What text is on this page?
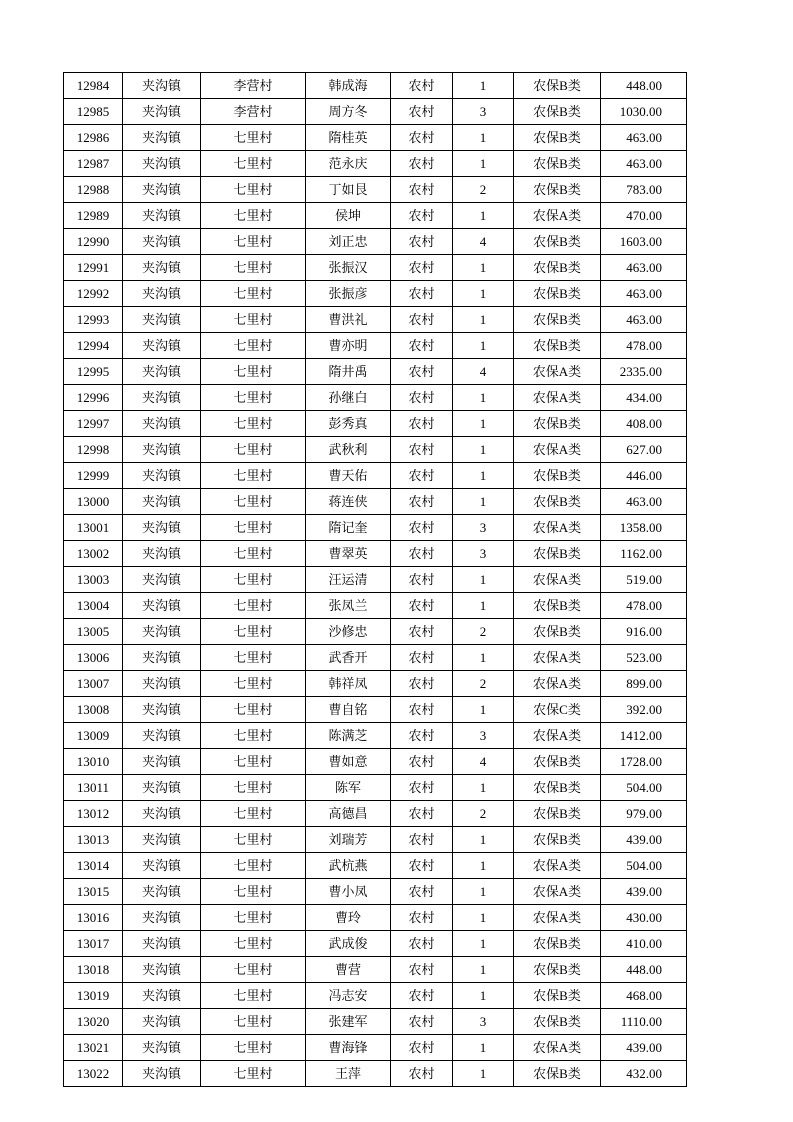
12984	夹沟镇	李营村	韩成海	农村	1	农保B类	448.00
12985	夹沟镇	李营村	周方冬	农村	3	农保B类	1030.00
12986	夹沟镇	七里村	隋桂英	农村	1	农保B类	463.00
12987	夹沟镇	七里村	范永庆	农村	1	农保B类	463.00
12988	夹沟镇	七里村	丁如艮	农村	2	农保B类	783.00
12989	夹沟镇	七里村	侯坤	农村	1	农保A类	470.00
12990	夹沟镇	七里村	刘正忠	农村	4	农保B类	1603.00
12991	夹沟镇	七里村	张振汉	农村	1	农保B类	463.00
12992	夹沟镇	七里村	张振彦	农村	1	农保B类	463.00
12993	夹沟镇	七里村	曹洪礼	农村	1	农保B类	463.00
12994	夹沟镇	七里村	曹亦明	农村	1	农保B类	478.00
12995	夹沟镇	七里村	隋井禹	农村	4	农保A类	2335.00
12996	夹沟镇	七里村	孙继白	农村	1	农保A类	434.00
12997	夹沟镇	七里村	彭秀真	农村	1	农保B类	408.00
12998	夹沟镇	七里村	武秋利	农村	1	农保A类	627.00
12999	夹沟镇	七里村	曹天佑	农村	1	农保B类	446.00
13000	夹沟镇	七里村	蒋连侠	农村	1	农保B类	463.00
13001	夹沟镇	七里村	隋记奎	农村	3	农保A类	1358.00
13002	夹沟镇	七里村	曹翠英	农村	3	农保B类	1162.00
13003	夹沟镇	七里村	汪运清	农村	1	农保A类	519.00
13004	夹沟镇	七里村	张凤兰	农村	1	农保B类	478.00
13005	夹沟镇	七里村	沙修忠	农村	2	农保B类	916.00
13006	夹沟镇	七里村	武香开	农村	1	农保A类	523.00
13007	夹沟镇	七里村	韩祥凤	农村	2	农保A类	899.00
13008	夹沟镇	七里村	曹自铭	农村	1	农保C类	392.00
13009	夹沟镇	七里村	陈满芝	农村	3	农保A类	1412.00
13010	夹沟镇	七里村	曹如意	农村	4	农保B类	1728.00
13011	夹沟镇	七里村	陈军	农村	1	农保B类	504.00
13012	夹沟镇	七里村	高德昌	农村	2	农保B类	979.00
13013	夹沟镇	七里村	刘瑞芳	农村	1	农保B类	439.00
13014	夹沟镇	七里村	武杭燕	农村	1	农保A类	504.00
13015	夹沟镇	七里村	曹小凤	农村	1	农保A类	439.00
13016	夹沟镇	七里村	曹玲	农村	1	农保A类	430.00
13017	夹沟镇	七里村	武成俊	农村	1	农保B类	410.00
13018	夹沟镇	七里村	曹营	农村	1	农保B类	448.00
13019	夹沟镇	七里村	冯志安	农村	1	农保B类	468.00
13020	夹沟镇	七里村	张建军	农村	3	农保B类	1110.00
13021	夹沟镇	七里村	曹海锋	农村	1	农保A类	439.00
13022	夹沟镇	七里村	王萍	农村	1	农保B类	432.00
